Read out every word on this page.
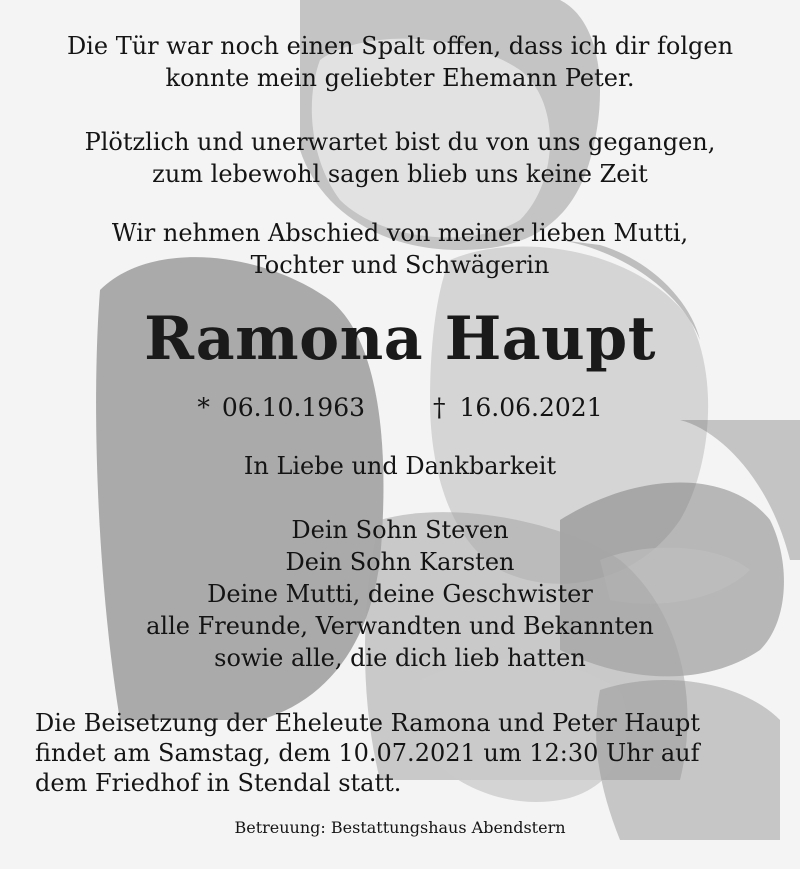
Die Tür war noch einen Spalt offen, dass ich dir folgen
konnte mein geliebter Ehemann Peter.
Plötzlich und unerwartet bist du von uns gegangen,
zum lebewohl sagen blieb uns keine Zeit
Wir nehmen Abschied von meiner lieben Mutti,
Tochter und Schwägerin
Ramona Haupt
* 06.10.1963	† 16.06.2021
In Liebe und Dankbarkeit
Dein Sohn Steven
Dein Sohn Karsten
Deine Mutti, deine Geschwister
alle Freunde, Verwandten und Bekannten
sowie alle, die dich lieb hatten
Die Beisetzung der Eheleute Ramona und Peter Haupt
findet am Samstag, dem 10.07.2021 um 12:30 Uhr auf
dem Friedhof in Stendal statt.
Betreuung: Bestattungshaus Abendstern
